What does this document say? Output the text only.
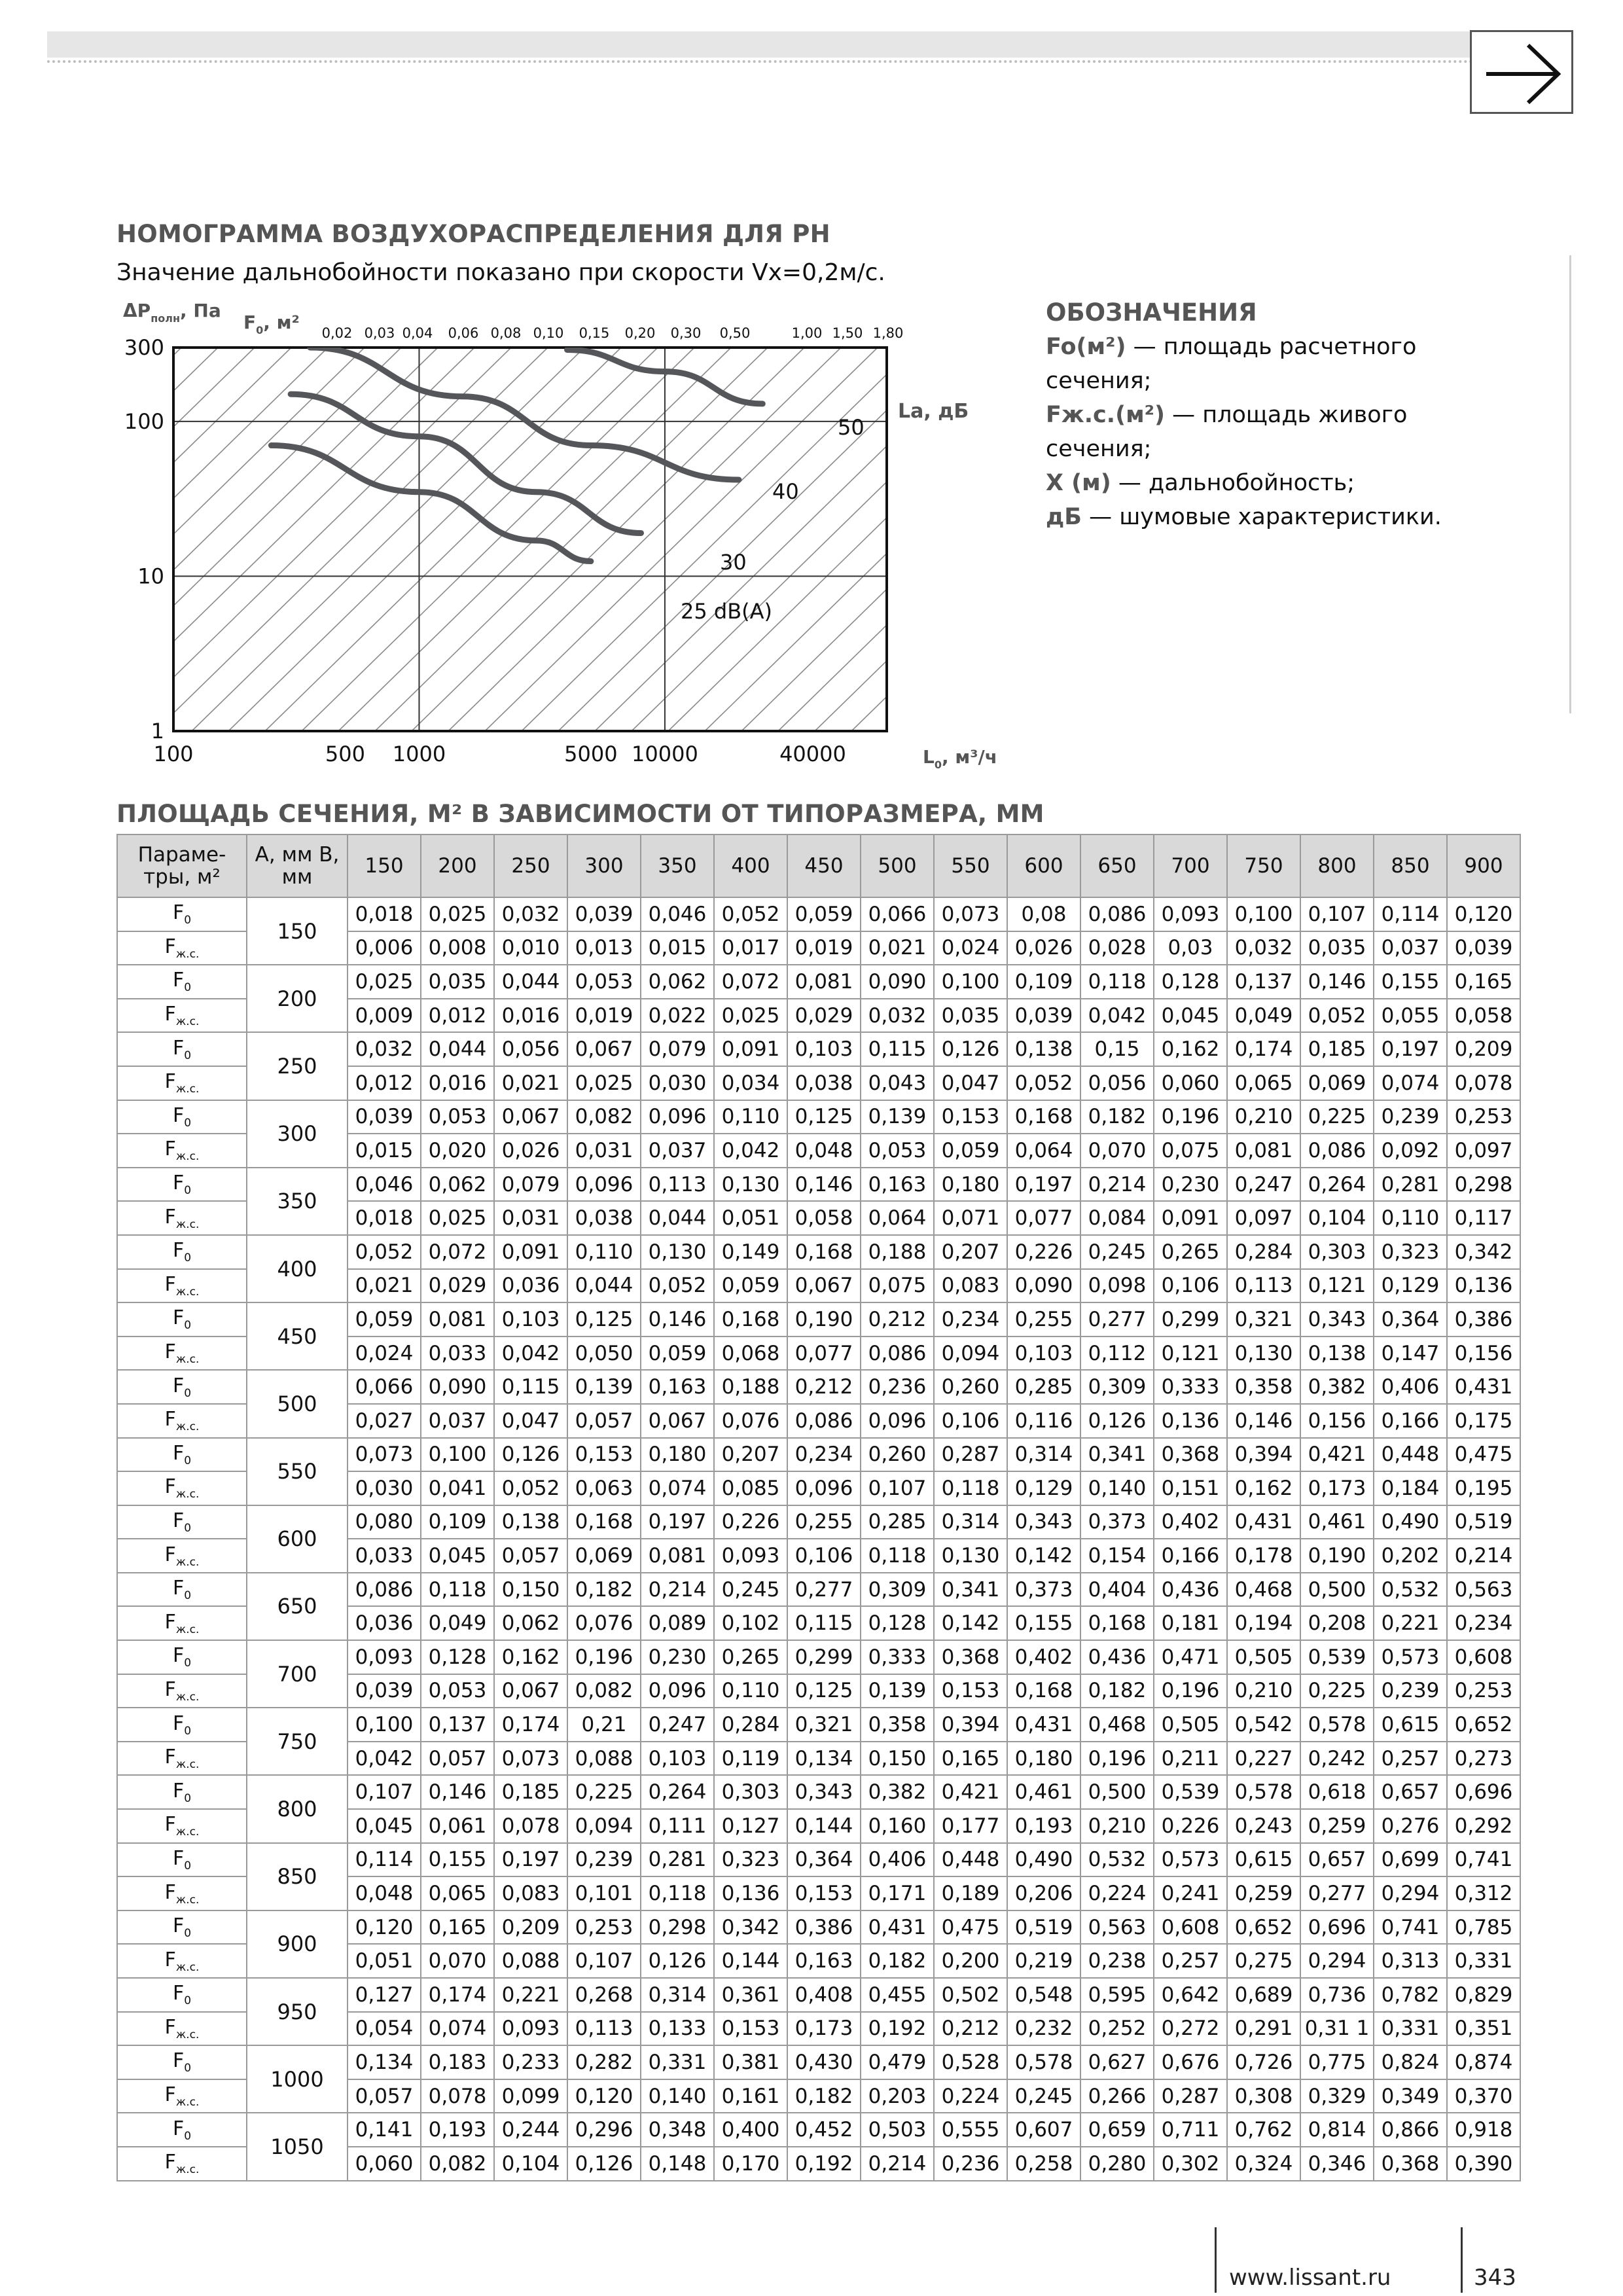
НОМОГРАММА ВОЗДУХОРАСПРЕДЕЛЕНИЯ ДЛЯ РН
Значение дальнобойности показано при скорости Vx=0,2м/с.
ОБОЗНАЧЕНИЯ
Fo(м²) — площадь расчетного сечения;
Fж.с.(м²) — площадь живого сечения;
X (м) — дальнобойность;
дБ — шумовые характеристики.
100	500 1000	5000 10000	40000
1
10
100
300
0,02 0,03 0,04 0,06 0,08 0,10 0,15 0,20 0,30 0,50	1,00 1,50 1,80
25 dB(A)
30
40
50
$\Delta P_{полн}$, Па
$F_0$, м²
$L_0$, м³/ч
La, дБ
ПЛОЩАДЬ СЕЧЕНИЯ, М² В ЗАВИСИМОСТИ ОТ ТИПОРАЗМЕРА, ММ
Параме-
тры, м²	А, мм В,
мм	150	200	250	300	350	400	450	500	550	600	650	700	750	800	850	900
$F_0$	150	0,018	0,025	0,032	0,039	0,046	0,052	0,059	0,066	0,073	0,08	0,086	0,093	0,100	0,107	0,114	0,120
$F_{ж.с.}$		0,006	0,008	0,010	0,013	0,015	0,017	0,019	0,021	0,024	0,026	0,028	0,03	0,032	0,035	0,037	0,039
$F_0$	200	0,025	0,035	0,044	0,053	0,062	0,072	0,081	0,090	0,100	0,109	0,118	0,128	0,137	0,146	0,155	0,165
$F_{ж.с.}$		0,009	0,012	0,016	0,019	0,022	0,025	0,029	0,032	0,035	0,039	0,042	0,045	0,049	0,052	0,055	0,058
$F_0$	250	0,032	0,044	0,056	0,067	0,079	0,091	0,103	0,115	0,126	0,138	0,15	0,162	0,174	0,185	0,197	0,209
$F_{ж.с.}$		0,012	0,016	0,021	0,025	0,030	0,034	0,038	0,043	0,047	0,052	0,056	0,060	0,065	0,069	0,074	0,078
$F_0$	300	0,039	0,053	0,067	0,082	0,096	0,110	0,125	0,139	0,153	0,168	0,182	0,196	0,210	0,225	0,239	0,253
$F_{ж.с.}$		0,015	0,020	0,026	0,031	0,037	0,042	0,048	0,053	0,059	0,064	0,070	0,075	0,081	0,086	0,092	0,097
$F_0$	350	0,046	0,062	0,079	0,096	0,113	0,130	0,146	0,163	0,180	0,197	0,214	0,230	0,247	0,264	0,281	0,298
$F_{ж.с.}$		0,018	0,025	0,031	0,038	0,044	0,051	0,058	0,064	0,071	0,077	0,084	0,091	0,097	0,104	0,110	0,117
$F_0$	400	0,052	0,072	0,091	0,110	0,130	0,149	0,168	0,188	0,207	0,226	0,245	0,265	0,284	0,303	0,323	0,342
$F_{ж.с.}$		0,021	0,029	0,036	0,044	0,052	0,059	0,067	0,075	0,083	0,090	0,098	0,106	0,113	0,121	0,129	0,136
$F_0$	450	0,059	0,081	0,103	0,125	0,146	0,168	0,190	0,212	0,234	0,255	0,277	0,299	0,321	0,343	0,364	0,386
$F_{ж.с.}$		0,024	0,033	0,042	0,050	0,059	0,068	0,077	0,086	0,094	0,103	0,112	0,121	0,130	0,138	0,147	0,156
$F_0$	500	0,066	0,090	0,115	0,139	0,163	0,188	0,212	0,236	0,260	0,285	0,309	0,333	0,358	0,382	0,406	0,431
$F_{ж.с.}$		0,027	0,037	0,047	0,057	0,067	0,076	0,086	0,096	0,106	0,116	0,126	0,136	0,146	0,156	0,166	0,175
$F_0$	550	0,073	0,100	0,126	0,153	0,180	0,207	0,234	0,260	0,287	0,314	0,341	0,368	0,394	0,421	0,448	0,475
$F_{ж.с.}$		0,030	0,041	0,052	0,063	0,074	0,085	0,096	0,107	0,118	0,129	0,140	0,151	0,162	0,173	0,184	0,195
$F_0$	600	0,080	0,109	0,138	0,168	0,197	0,226	0,255	0,285	0,314	0,343	0,373	0,402	0,431	0,461	0,490	0,519
$F_{ж.с.}$		0,033	0,045	0,057	0,069	0,081	0,093	0,106	0,118	0,130	0,142	0,154	0,166	0,178	0,190	0,202	0,214
$F_0$	650	0,086	0,118	0,150	0,182	0,214	0,245	0,277	0,309	0,341	0,373	0,404	0,436	0,468	0,500	0,532	0,563
$F_{ж.с.}$		0,036	0,049	0,062	0,076	0,089	0,102	0,115	0,128	0,142	0,155	0,168	0,181	0,194	0,208	0,221	0,234
$F_0$	700	0,093	0,128	0,162	0,196	0,230	0,265	0,299	0,333	0,368	0,402	0,436	0,471	0,505	0,539	0,573	0,608
$F_{ж.с.}$		0,039	0,053	0,067	0,082	0,096	0,110	0,125	0,139	0,153	0,168	0,182	0,196	0,210	0,225	0,239	0,253
$F_0$	750	0,100	0,137	0,174	0,21	0,247	0,284	0,321	0,358	0,394	0,431	0,468	0,505	0,542	0,578	0,615	0,652
$F_{ж.с.}$		0,042	0,057	0,073	0,088	0,103	0,119	0,134	0,150	0,165	0,180	0,196	0,211	0,227	0,242	0,257	0,273
$F_0$	800	0,107	0,146	0,185	0,225	0,264	0,303	0,343	0,382	0,421	0,461	0,500	0,539	0,578	0,618	0,657	0,696
$F_{ж.с.}$		0,045	0,061	0,078	0,094	0,111	0,127	0,144	0,160	0,177	0,193	0,210	0,226	0,243	0,259	0,276	0,292
$F_0$	850	0,114	0,155	0,197	0,239	0,281	0,323	0,364	0,406	0,448	0,490	0,532	0,573	0,615	0,657	0,699	0,741
$F_{ж.с.}$		0,048	0,065	0,083	0,101	0,118	0,136	0,153	0,171	0,189	0,206	0,224	0,241	0,259	0,277	0,294	0,312
$F_0$	900	0,120	0,165	0,209	0,253	0,298	0,342	0,386	0,431	0,475	0,519	0,563	0,608	0,652	0,696	0,741	0,785
$F_{ж.с.}$		0,051	0,070	0,088	0,107	0,126	0,144	0,163	0,182	0,200	0,219	0,238	0,257	0,275	0,294	0,313	0,331
$F_0$	950	0,127	0,174	0,221	0,268	0,314	0,361	0,408	0,455	0,502	0,548	0,595	0,642	0,689	0,736	0,782	0,829
$F_{ж.с.}$		0,054	0,074	0,093	0,113	0,133	0,153	0,173	0,192	0,212	0,232	0,252	0,272	0,291	0,31 1	0,331	0,351
$F_0$	1000	0,134	0,183	0,233	0,282	0,331	0,381	0,430	0,479	0,528	0,578	0,627	0,676	0,726	0,775	0,824	0,874
$F_{ж.с.}$		0,057	0,078	0,099	0,120	0,140	0,161	0,182	0,203	0,224	0,245	0,266	0,287	0,308	0,329	0,349	0,370
$F_0$	1050	0,141	0,193	0,244	0,296	0,348	0,400	0,452	0,503	0,555	0,607	0,659	0,711	0,762	0,814	0,866	0,918
$F_{ж.с.}$		0,060	0,082	0,104	0,126	0,148	0,170	0,192	0,214	0,236	0,258	0,280	0,302	0,324	0,346	0,368	0,390
www.lissant.ru	343
